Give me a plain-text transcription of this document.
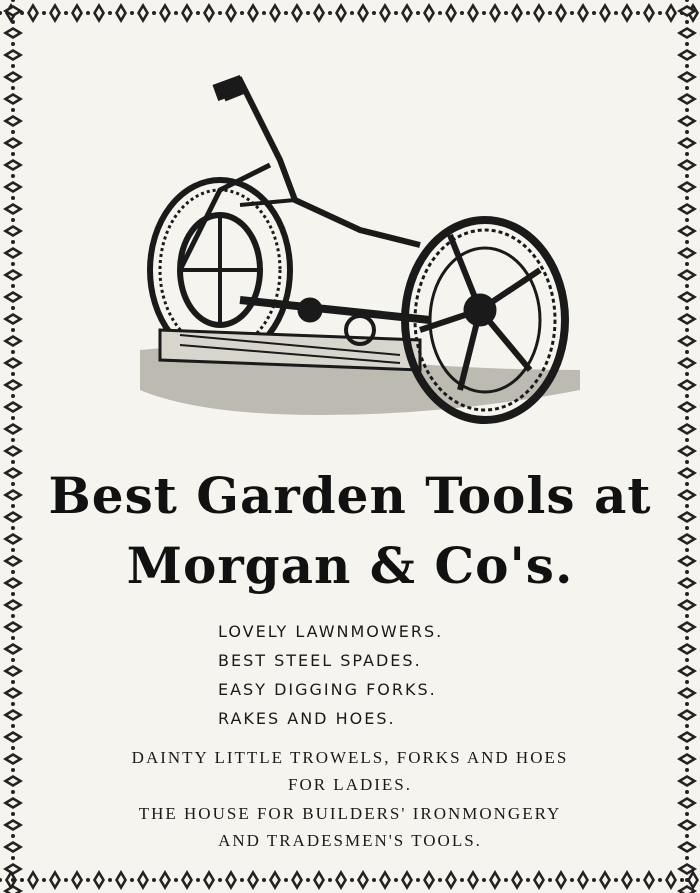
Best Garden Tools at
Morgan & Co's.
LOVELY LAWNMOWERS.
BEST STEEL SPADES.
EASY DIGGING FORKS.
RAKES AND HOES.
DAINTY LITTLE TROWELS, FORKS AND HOES
FOR LADIES.
THE HOUSE FOR BUILDERS' IRONMONGERY
AND TRADESMEN'S TOOLS.
